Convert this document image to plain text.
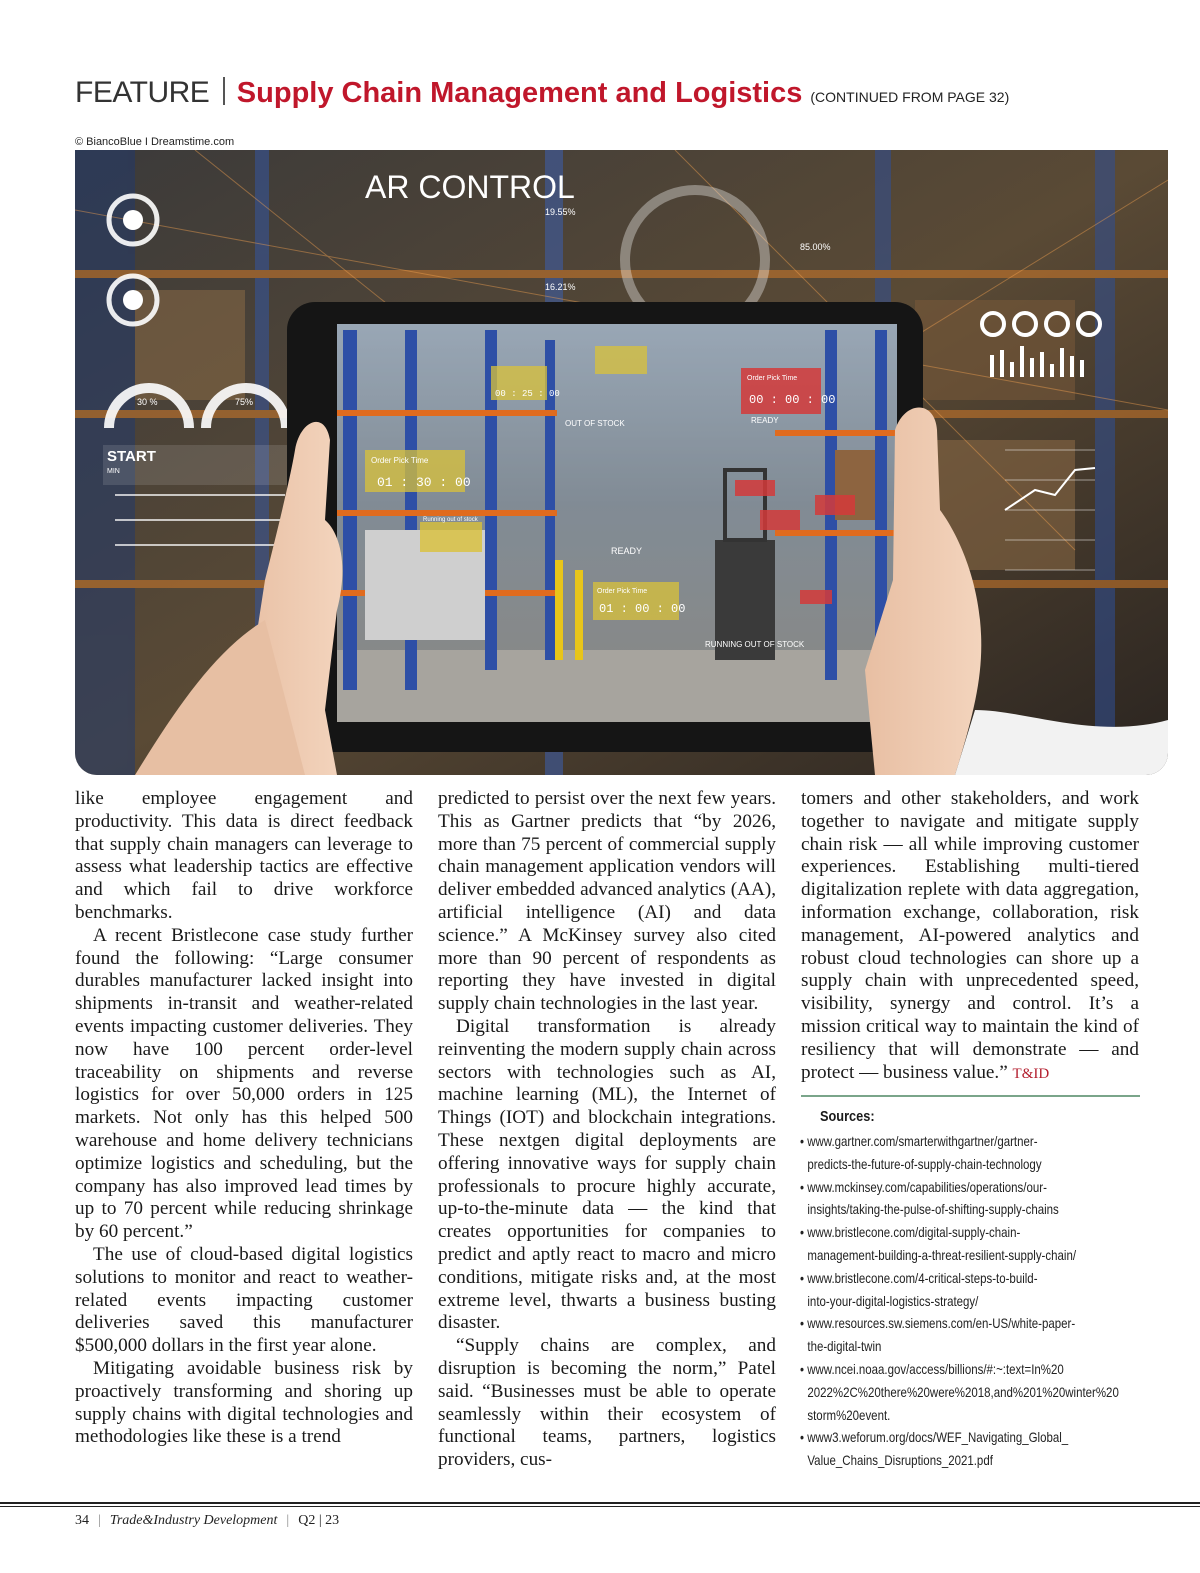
FEATURE Supply Chain Management and Logistics (CONTINUED FROM PAGE 32)
© BiancoBlue I Dreamstime.com
30 %	75%
START
MIN
AR CONTROL
19.55%
16.21%
85.00%
Order Pick Time
01 : 30 : 00
Running out of stock
Order Pick Time
01 : 00 : 00
00 : 25 : 00
READY
Order Pick Time
00 : 00 : 00
READY
OUT OF STOCK
RUNNING OUT OF STOCK

like employee engagement and productivity. This data is direct feedback that supply chain managers can leverage to assess what leadership tactics are effective and which fail to drive workforce benchmarks.

A recent Bristlecone case study further found the following: “Large consumer durables manufacturer lacked insight into shipments in-transit and weather-related events impacting customer deliveries. They now have 100 percent order-level traceability on shipments and reverse logistics for over 50,000 orders in 125 markets. Not only has this helped 500 warehouse and home delivery technicians optimize logistics and scheduling, but the company has also improved lead times by up to 70 percent while reducing shrinkage by 60 percent.”

The use of cloud-based digital logistics solutions to monitor and react to weather-related events impacting customer deliveries saved this manufacturer $500,000 dollars in the first year alone.

Mitigating avoidable business risk by proactively transforming and shoring up supply chains with digital technologies and methodologies like these is a trend

predicted to persist over the next few years. This as Gartner predicts that “by 2026, more than 75 percent of commercial supply chain management application vendors will deliver embedded advanced analytics (AA), artificial intelligence (AI) and data science.” A McKinsey survey also cited more than 90 percent of respondents as reporting they have invested in digital supply chain technologies in the last year.

Digital transformation is already reinventing the modern supply chain across sectors with technologies such as AI, machine learning (ML), the Internet of Things (IOT) and blockchain integrations. These nextgen digital deployments are offering innovative ways for supply chain professionals to procure highly accurate, up-to-the-minute data — the kind that creates opportunities for companies to predict and aptly react to macro and micro conditions, mitigate risks and, at the most extreme level, thwarts a business busting disaster.

“Supply chains are complex, and disruption is becoming the norm,” Patel said. “Businesses must be able to operate seamlessly within their ecosystem of functional teams, partners, logistics providers, cus-

tomers and other stakeholders, and work together to navigate and mitigate supply chain risk — all while improving customer experiences. Establishing multi-tiered digitalization replete with data aggregation, information exchange, collaboration, risk management, AI-powered analytics and robust cloud technologies can shore up a supply chain with unprecedented speed, visibility, synergy and control. It’s a mission critical way to maintain the kind of resiliency that will demonstrate — and protect — business value.” T&ID

Sources:
• www.gartner.com/smarterwithgartner/gartner-
predicts-the-future-of-supply-chain-technology
• www.mckinsey.com/capabilities/operations/our-
insights/taking-the-pulse-of-shifting-supply-chains
• www.bristlecone.com/digital-supply-chain-
management-building-a-threat-resilient-supply-chain/
• www.bristlecone.com/4-critical-steps-to-build-
into-your-digital-logistics-strategy/
• www.resources.sw.siemens.com/en-US/white-paper-
the-digital-twin
• www.ncei.noaa.gov/access/billions/#:~:text=In%20
2022%2C%20there%20were%2018,and%201%20winter%20
storm%20event.
• www3.weforum.org/docs/WEF_Navigating_Global_
Value_Chains_Disruptions_2021.pdf
34 | Trade&Industry Development | Q2 | 23
